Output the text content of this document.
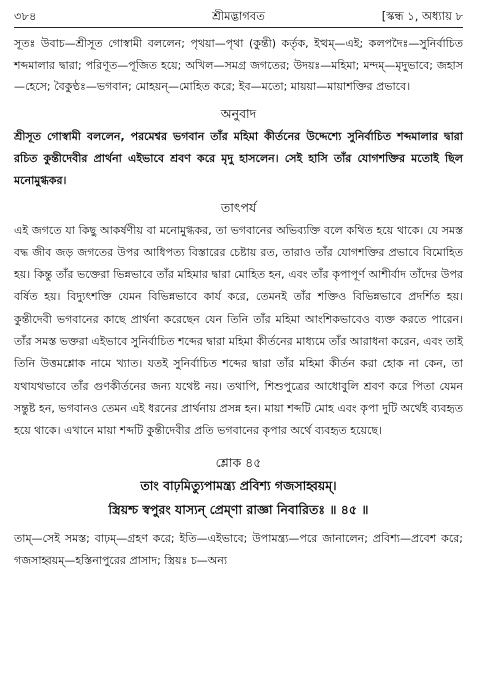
৩৮৪	শ্রীমদ্ভাগবত	[স্কন্ধ ১, অধ্যায় ৮

সূতঃ উবাচ—শ্রীসূত গোস্বামী বললেন; পৃথয়া—পৃথা (কুন্তী) কর্তৃক, ইত্থম্—এই; কলপদৈঃ—সুনির্বাচিত শব্দমালার দ্বারা; পরিণূত—পূজিত হয়ে; অখিল—সমগ্র জগতের; উদয়ঃ—মহিমা; মন্দম্—মৃদুভাবে; জহাস—হেসে; বৈকুণ্ঠঃ—ভগবান; মোহয়ন্—মোহিত করে; ইব—মতো; মায়য়া—মায়াশক্তির প্রভাবে।

অনুবাদ

শ্রীসূত গোস্বামী বললেন, পরমেশ্বর ভগবান তাঁর মহিমা কীর্তনের উদ্দেশ্যে সুনির্বাচিত শব্দমালার দ্বারা রচিত কুন্তীদেবীর প্রার্থনা এইভাবে শ্রবণ করে মৃদু হাসলেন। সেই হাসি তাঁর যোগশক্তির মতোই ছিল মনোমুগ্ধকর।

তাৎপর্য

এই জগতে যা কিছু আকর্ষণীয় বা মনোমুগ্ধকর, তা ভগবানের অভিব্যক্তি বলে কথিত হয়ে থাকে। যে সমস্ত বদ্ধ জীব জড় জগতের উপর আধিপত্য বিস্তারের চেষ্টায় রত, তারাও তাঁর যোগশক্তির প্রভাবে বিমোহিত হয়। কিন্তু তাঁর ভক্তেরা ভিন্নভাবে তাঁর মহিমার দ্বারা মোহিত হন, এবং তাঁর কৃপাপূর্ণ আশীর্বাদ তাঁদের উপর বর্ষিত হয়। বিদ্যুৎশক্তি যেমন বিভিন্নভাবে কার্য করে, তেমনই তাঁর শক্তিও বিভিন্নভাবে প্রদর্শিত হয়। কুন্তীদেবী ভগবানের কাছে প্রার্থনা করেছেন যেন তিনি তাঁর মহিমা আংশিকভাবেও ব্যক্ত করতে পারেন। তাঁর সমস্ত ভক্তরা এইভাবে সুনির্বাচিত শব্দের দ্বারা মহিমা কীর্তনের মাধ্যমে তাঁর আরাধনা করেন, এবং তাই তিনি উত্তমশ্লোক নামে খ্যাত। যতই সুনির্বাচিত শব্দের দ্বারা তাঁর মহিমা কীর্তন করা হোক না কেন, তা যথাযথভাবে তাঁর গুণকীর্তনের জন্য যথেষ্ট নয়। তথাপি, শিশুপুত্রের আধোবুলি শ্রবণ করে পিতা যেমন সন্তুষ্ট হন, ভগবানও তেমন এই ধরনের প্রার্থনায় প্রসন্ন হন। মায়া শব্দটি মোহ এবং কৃপা দুটি অর্থেই ব্যবহৃত হয়ে থাকে। এখানে মায়া শব্দটি কুন্তীদেবীর প্রতি ভগবানের কৃপার অর্থে ব্যবহৃত হয়েছে।

শ্লোক ৪৫
তাং বাঢ়মিত্যুপামন্ত্র্য প্রবিশ্য গজসাহ্বয়ম্।
স্ত্রিয়শ্চ স্বপুরং যাস্যন্ প্রেম্ণা রাজ্ঞা নিবারিতঃ ॥ ৪৫ ॥

তাম্—সেই সমস্ত; বাঢ়ম্—গ্রহণ করে; ইতি—এইভাবে; উপামন্ত্র্য—পরে জানালেন; প্রবিশ্য—প্রবেশ করে; গজসাহ্বয়ম্—হস্তিনাপুরের প্রাসাদ; স্ত্রিয়ঃ চ—অন্য
